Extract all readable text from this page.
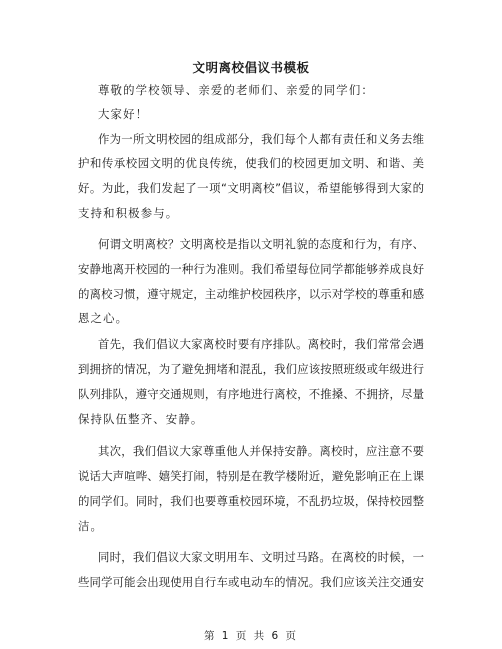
文明离校倡议书模板
尊敬的学校领导、亲爱的老师们、亲爱的同学们：
大家好！
作为一所文明校园的组成部分，我们每个人都有责任和义务去维
护和传承校园文明的优良传统，使我们的校园更加文明、和谐、美
好。为此，我们发起了一项“文明离校”倡议，希望能够得到大家的
支持和积极参与。
何谓文明离校？文明离校是指以文明礼貌的态度和行为，有序、
安静地离开校园的一种行为准则。我们希望每位同学都能够养成良好
的离校习惯，遵守规定，主动维护校园秩序，以示对学校的尊重和感
恩之心。
首先，我们倡议大家离校时要有序排队。离校时，我们常常会遇
到拥挤的情况，为了避免拥堵和混乱，我们应该按照班级或年级进行
队列排队，遵守交通规则，有序地进行离校，不推搡、不拥挤，尽量
保持队伍整齐、安静。
其次，我们倡议大家尊重他人并保持安静。离校时，应注意不要
说话大声喧哗、嬉笑打闹，特别是在教学楼附近，避免影响正在上课
的同学们。同时，我们也要尊重校园环境，不乱扔垃圾，保持校园整
洁。
同时，我们倡议大家文明用车、文明过马路。在离校的时候，一
些同学可能会出现使用自行车或电动车的情况。我们应该关注交通安
第 1 页 共 6 页
